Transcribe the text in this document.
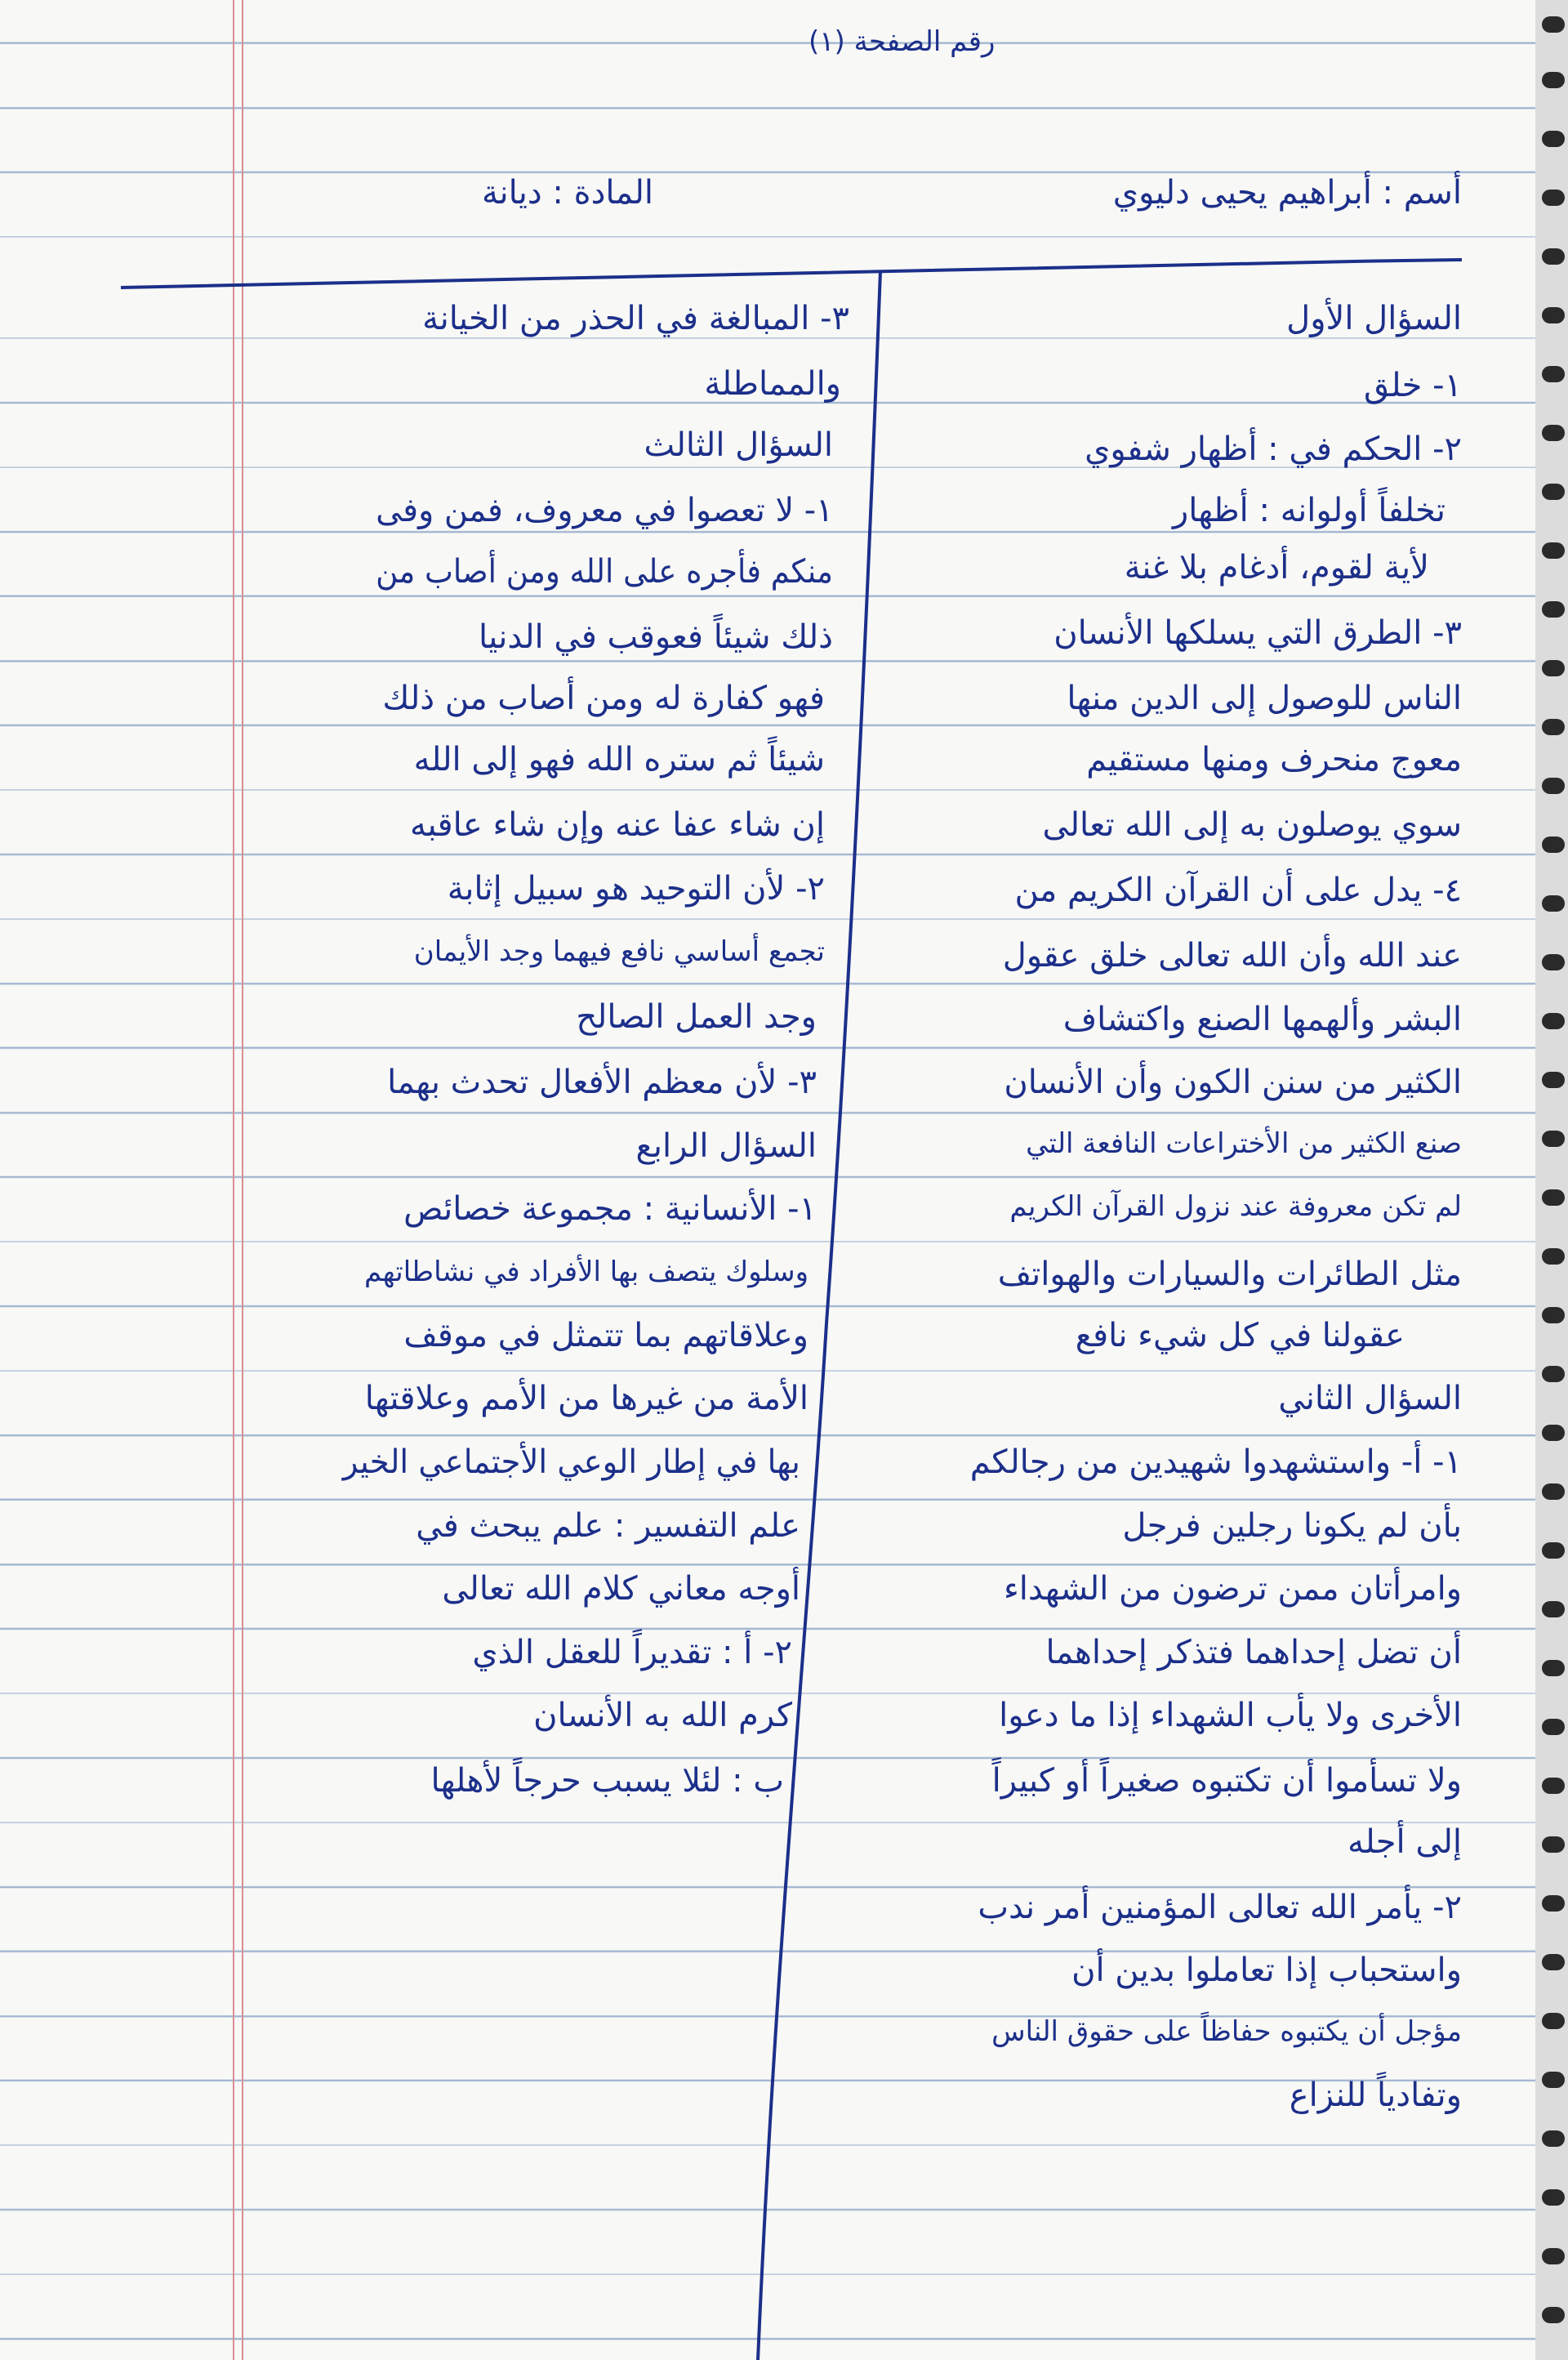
رقم الصفحة (١)
أسم : أبراهيم يحيى دليوي
المادة : ديانة
السؤال الأول
١- خلق
٢- الحكم في : أظهار شفوي
تخلفاً أولوانه : أظهار
لأية لقوم، أدغام بلا غنة
٣- الطرق التي يسلكها الأنسان
الناس للوصول إلى الدين منها
معوج منحرف ومنها مستقيم
سوي يوصلون به إلى الله تعالى
٤- يدل على أن القرآن الكريم من
عند الله وأن الله تعالى خلق عقول
البشر وألهمها الصنع واكتشاف
الكثير من سنن الكون وأن الأنسان
صنع الكثير من الأختراعات النافعة التي
لم تكن معروفة عند نزول القرآن الكريم
مثل الطائرات والسيارات والهواتف
عقولنا في كل شيء نافع
السؤال الثاني
١- أ- واستشهدوا شهيدين من رجالكم
بأن لم يكونا رجلين فرجل
وامرأتان ممن ترضون من الشهداء
أن تضل إحداهما فتذكر إحداهما
الأخرى ولا يأب الشهداء إذا ما دعوا
ولا تسأموا أن تكتبوه صغيراً أو كبيراً
إلى أجله
٢- يأمر الله تعالى المؤمنين أمر ندب
واستحباب إذا تعاملوا بدين أن
مؤجل أن يكتبوه حفاظاً على حقوق الناس
وتفادياً للنزاع
٣- المبالغة في الحذر من الخيانة
والمماطلة
السؤال الثالث
١- لا تعصوا في معروف، فمن وفى
منكم فأجره على الله ومن أصاب من
ذلك شيئاً فعوقب في الدنيا
فهو كفارة له ومن أصاب من ذلك
شيئاً ثم ستره الله فهو إلى الله
إن شاء عفا عنه وإن شاء عاقبه
٢- لأن التوحيد هو سبيل إثابة
تجمع أساسي نافع فيهما وجد الأيمان
وجد العمل الصالح
٣- لأن معظم الأفعال تحدث بهما
السؤال الرابع
١- الأنسانية : مجموعة خصائص
وسلوك يتصف بها الأفراد في نشاطاتهم
وعلاقاتهم بما تتمثل في موقف
الأمة من غيرها من الأمم وعلاقتها
بها في إطار الوعي الأجتماعي الخير
علم التفسير : علم يبحث في
أوجه معاني كلام الله تعالى
٢- أ : تقديراً للعقل الذي
كرم الله به الأنسان
ب : لئلا يسبب حرجاً لأهلها
